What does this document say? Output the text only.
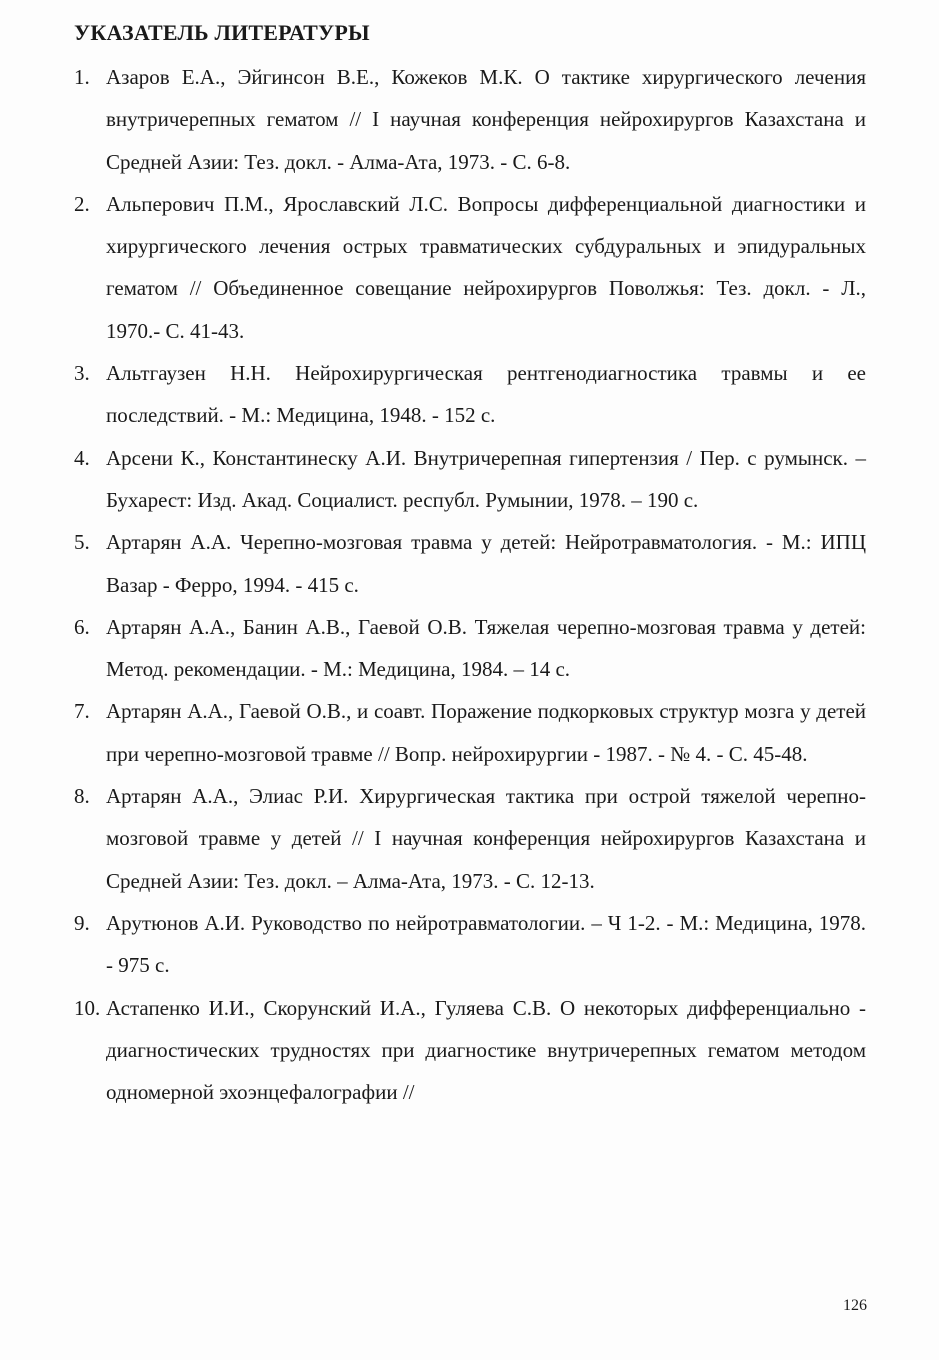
УКАЗАТЕЛЬ ЛИТЕРАТУРЫ
1. Азаров Е.А., Эйгинсон В.Е., Кожеков М.К. О тактике хирургического лечения внутричерепных гематом // I научная конференция нейрохирургов Казахстана и Средней Азии: Тез. докл. - Алма-Ата, 1973. - С. 6-8.
2. Альперович П.М., Ярославский Л.С. Вопросы дифференциальной диагностики и хирургического лечения острых травматических субдуральных и эпидуральных гематом // Объединенное совещание нейрохирургов Поволжья: Тез. докл. - Л., 1970.- С. 41-43.
3. Альтгаузен Н.Н. Нейрохирургическая рентгенодиагностика травмы и ее последствий. - М.: Медицина, 1948. - 152 с.
4. Арсени К., Константинеску А.И. Внутричерепная гипертензия / Пер. с румынск. – Бухарест: Изд. Акад. Социалист. республ. Румынии, 1978. – 190 с.
5. Артарян А.А. Черепно-мозговая травма у детей: Нейротравматология. - М.: ИПЦ Вазар - Ферро, 1994. - 415 с.
6. Артарян А.А., Банин А.В., Гаевой О.В. Тяжелая черепно-мозговая травма у детей: Метод. рекомендации. - М.: Медицина, 1984. – 14 с.
7. Артарян А.А., Гаевой О.В., и соавт. Поражение подкорковых структур мозга у детей при черепно-мозговой травме // Вопр. нейрохирургии - 1987. - № 4. - С. 45-48.
8. Артарян А.А., Элиас Р.И. Хирургическая тактика при острой тяжелой черепно-мозговой травме у детей // I научная конференция нейрохирургов Казахстана и Средней Азии: Тез. докл. – Алма-Ата, 1973. - С. 12-13.
9. Арутюнов А.И. Руководство по нейротравматологии. – Ч 1-2. - М.: Медицина, 1978. - 975 с.
10. Астапенко И.И., Скорунский И.А., Гуляева С.В. О некоторых дифференциально - диагностических трудностях при диагностике внутричерепных гематом методом одномерной эхоэнцефалографии //
126
